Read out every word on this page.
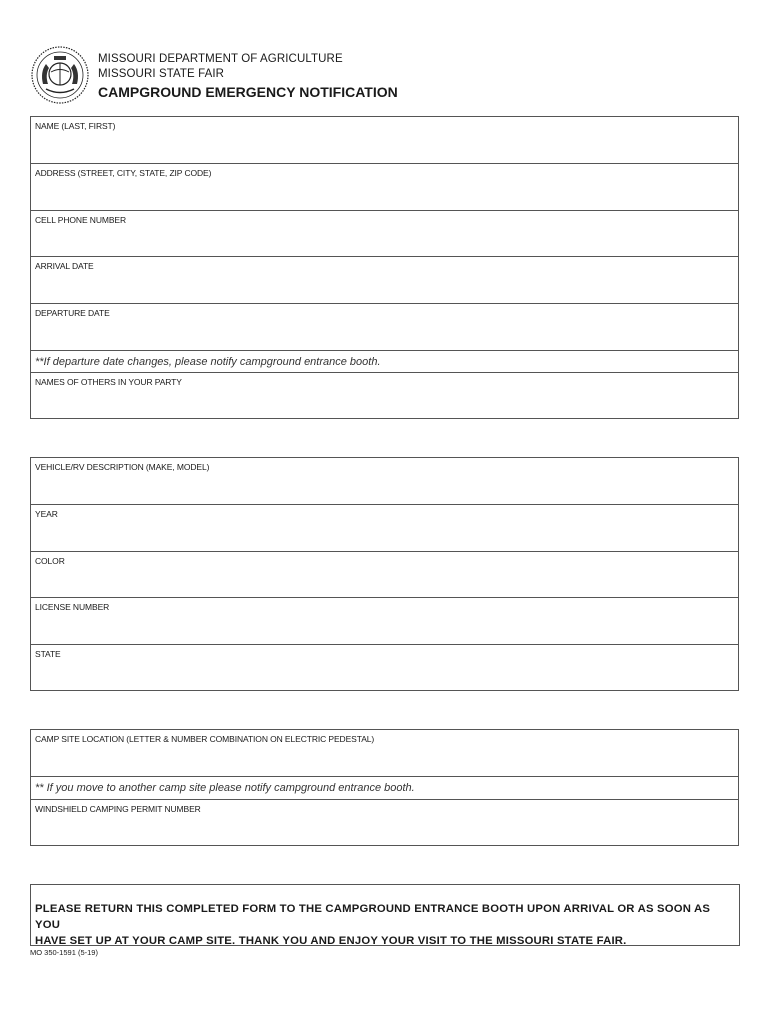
MISSOURI DEPARTMENT OF AGRICULTURE
MISSOURI STATE FAIR
CAMPGROUND EMERGENCY NOTIFICATION
NAME (LAST, FIRST)
ADDRESS (STREET, CITY, STATE, ZIP CODE)
CELL PHONE NUMBER
ARRIVAL DATE
DEPARTURE DATE
**If departure date changes, please notify campground entrance booth.
NAMES OF OTHERS IN YOUR PARTY
VEHICLE/RV DESCRIPTION (MAKE, MODEL)
YEAR
COLOR
LICENSE NUMBER
STATE
CAMP SITE LOCATION (LETTER & NUMBER COMBINATION ON ELECTRIC PEDESTAL)
** If you move to another camp site please notify campground entrance booth.
WINDSHIELD CAMPING PERMIT NUMBER
PLEASE RETURN THIS COMPLETED FORM TO THE CAMPGROUND ENTRANCE BOOTH UPON ARRIVAL OR AS SOON AS YOU
HAVE SET UP AT YOUR CAMP SITE. THANK YOU AND ENJOY YOUR VISIT TO THE MISSOURI STATE FAIR.
MO 350-1591 (5-19)
